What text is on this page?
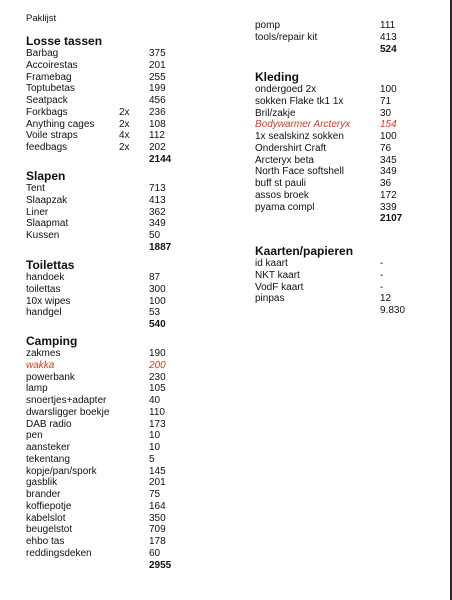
Paklijst
Losse tassen
Barbag	375
Accoirestas	201
Framebag	255
Toptubetas	199
Seatpack	456
Forkbags	2x 236
Anything cages 2x 108
Voile straps	4x 112
feedbags	2x 202
2144
Slapen
Tent	713
Slaapzak	413
Liner	362
Slaapmat	349
Kussen	50
1887
Toilettas
handoek	87
toilettas	300
10x wipes	100
handgel	53
540
Camping
zakmes	190
wakka	200
powerbank	230
lamp	105
snoertjes+adapter	40
dwarsligger boekje	110
DAB radio	173
pen	10
aansteker	10
tekentang	5
kopje/pan/spork	145
gasblik	201
brander	75
koffiepotje	164
kabelslot	350
beugelstot	709
ehbo tas	178
reddingsdeken	60
2955
pomp	111
tools/repair kit	413
524
Kleding
ondergoed 2x	100
sokken Flake tk1 1x	71
Bril/zakje	30
Bodywarmer Arcteryx	154
1x sealskinz sokken	100
Ondershirt Craft	76
Arcteryx beta	345
North Face softshell	349
buff st pauli	36
assos broek	172
pyama compl	339
2107
Kaarten/papieren
id kaart	-
NKT kaart	-
VodF kaart	-
pinpas	12
9.830
